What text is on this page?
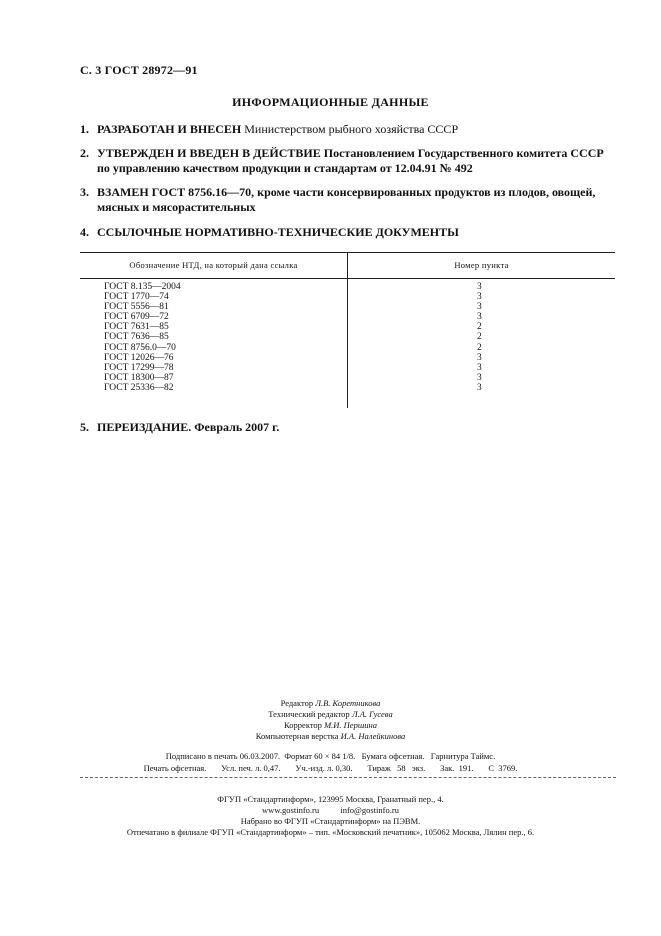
С. 3 ГОСТ 28972—91
ИНФОРМАЦИОННЫЕ ДАННЫЕ
1. РАЗРАБОТАН И ВНЕСЕН Министерством рыбного хозяйства СССР
2. УТВЕРЖДЕН И ВВЕДЕН В ДЕЙСТВИЕ Постановлением Государственного комитета СССР по управлению качеством продукции и стандартам от 12.04.91 № 492
3. ВЗАМЕН ГОСТ 8756.16—70, кроме части консервированных продуктов из плодов, овощей, мясных и мясорастительных
4. ССЫЛОЧНЫЕ НОРМАТИВНО-ТЕХНИЧЕСКИЕ ДОКУМЕНТЫ
Обозначение НТД, на который дана ссылка	Номер пункта
ГОСТ 8.135—2004	3
ГОСТ 1770—74	3
ГОСТ 5556—81	3
ГОСТ 6709—72	3
ГОСТ 7631—85	2
ГОСТ 7636—85	2
ГОСТ 8756.0—70	2
ГОСТ 12026—76	3
ГОСТ 17299—78	3
ГОСТ 18300—87	3
ГОСТ 25336—82	3
5. ПЕРЕИЗДАНИЕ. Февраль 2007 г.
Редактор Л.В. Коретникова
Технический редактор Л.А. Гусева
Корректор М.И. Першина
Компьютерная верстка И.А. Налейкинова
Подписано в печать 06.03.2007.  Формат 60 × 84 1/8.   Бумага офсетная.   Гарнитура Таймс.
Печать офсетная.       Усл. печ. л. 0,47.       Уч.-изд. л. 0,30.       Тираж   58   экз.       Зак.  191.       С  3769.
ФГУП «Стандартинформ», 123995 Москва, Гранатный пер., 4.
www.gostinfo.ru          info@gostinfo.ru
Набрано во ФГУП «Стандартинформ» на ПЭВМ.
Отпечатано в филиале ФГУП «Стандартинформ» – тип. «Московский печатник», 105062 Москва, Лялин пер., 6.
